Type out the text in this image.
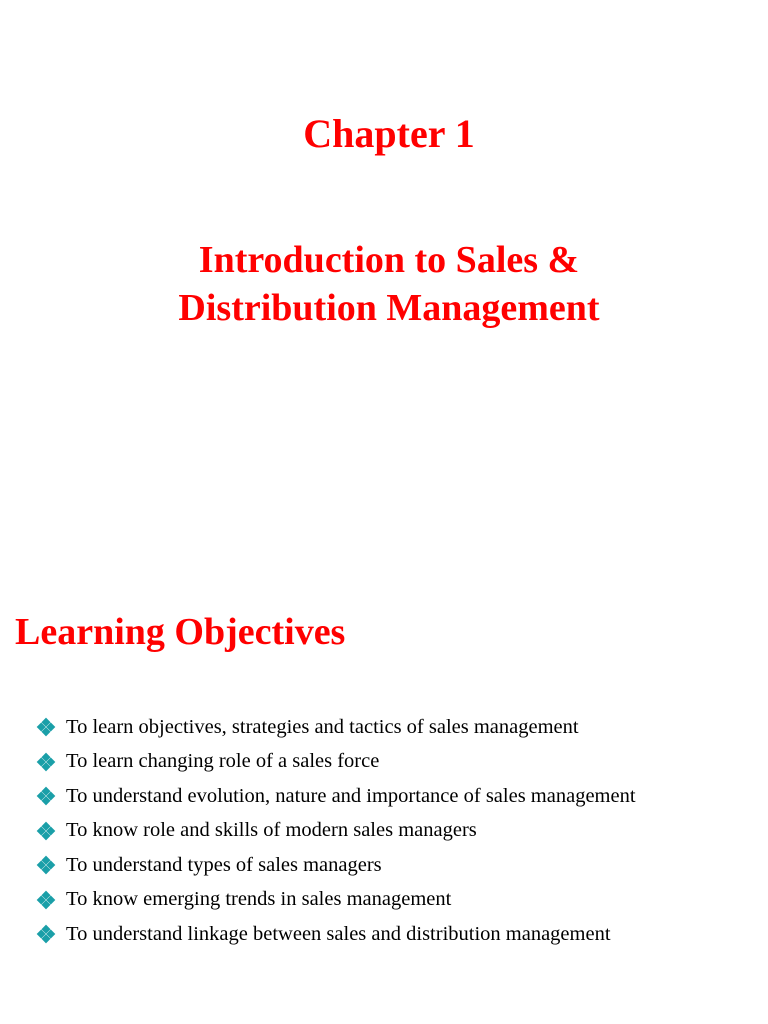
Chapter 1
Introduction to Sales &
Distribution Management
Learning Objectives
To learn objectives, strategies and tactics of sales management
To learn changing role of a sales force
To understand evolution, nature and importance of sales management
To know role and skills of modern sales managers
To understand types of sales managers
To know emerging trends in sales management
To understand linkage between sales and distribution management
